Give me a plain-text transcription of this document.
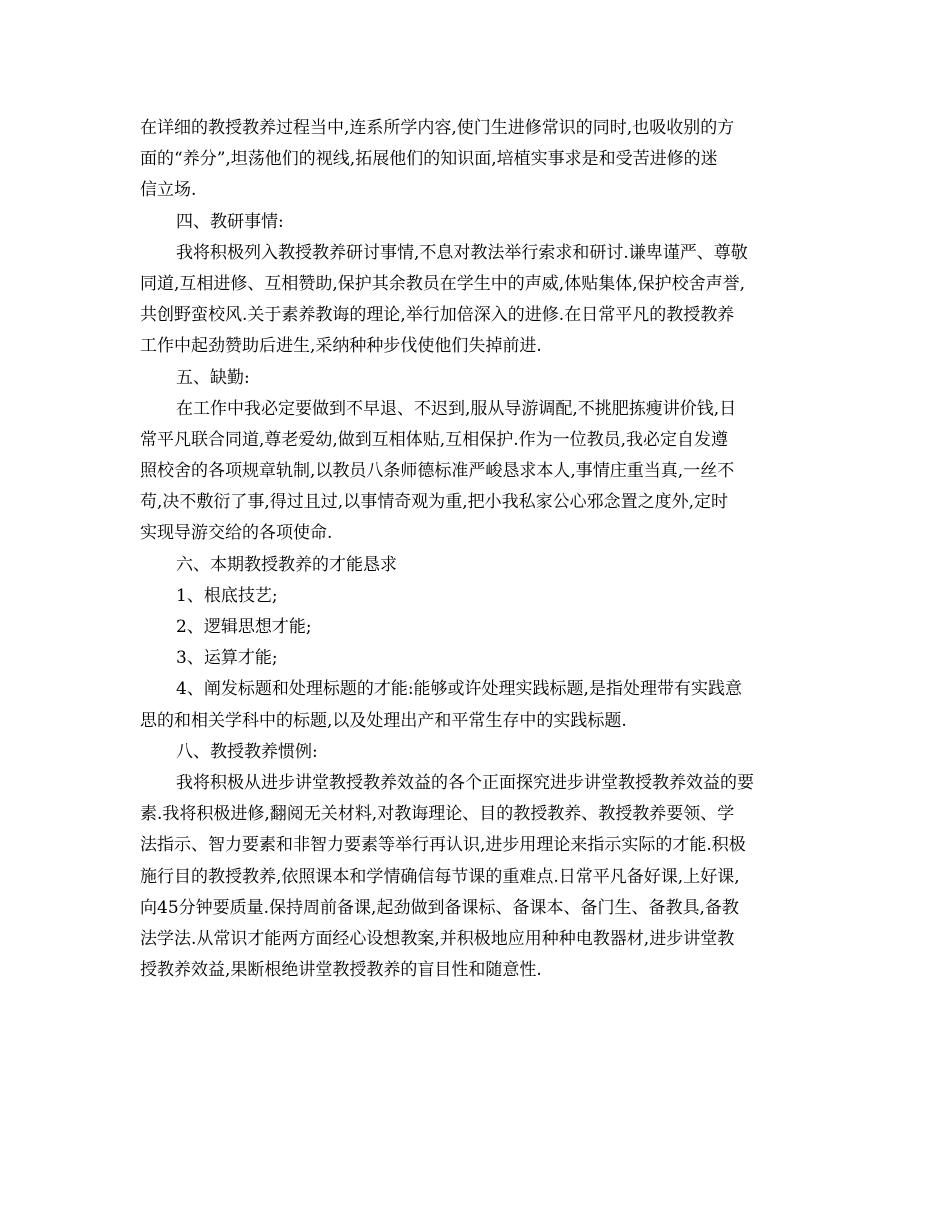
在详细的教授教养过程当中,连系所学内容,使门生进修常识的同时,也吸收别的方
面的“养分”,坦荡他们的视线,拓展他们的知识面,培植实事求是和受苦进修的迷
信立场.
四、教研事情:
我将积极列入教授教养研讨事情,不息对教法举行索求和研讨.谦卑谨严、尊敬
同道,互相进修、互相赞助,保护其余教员在学生中的声威,体贴集体,保护校舍声誉,
共创野蛮校风.关于素养教诲的理论,举行加倍深入的进修.在日常平凡的教授教养
工作中起劲赞助后进生,采纳种种步伐使他们失掉前进.
五、缺勤:
在工作中我必定要做到不早退、不迟到,服从导游调配,不挑肥拣瘦讲价钱,日
常平凡联合同道,尊老爱幼,做到互相体贴,互相保护.作为一位教员,我必定自发遵
照校舍的各项规章轨制,以教员八条师德标准严峻恳求本人,事情庄重当真,一丝不
苟,决不敷衍了事,得过且过,以事情奇观为重,把小我私家公心邪念置之度外,定时
实现导游交给的各项使命.
六、本期教授教养的才能恳求
1、根底技艺;
2、逻辑思想才能;
3、运算才能;
4、阐发标题和处理标题的才能:能够或许处理实践标题,是指处理带有实践意
思的和相关学科中的标题,以及处理出产和平常生存中的实践标题.
八、教授教养惯例:
我将积极从进步讲堂教授教养效益的各个正面探究进步讲堂教授教养效益的要
素.我将积极进修,翻阅无关材料,对教诲理论、目的教授教养、教授教养要领、学
法指示、智力要素和非智力要素等举行再认识,进步用理论来指示实际的才能.积极
施行目的教授教养,依照课本和学情确信每节课的重难点.日常平凡备好课,上好课,
向45分钟要质量.保持周前备课,起劲做到备课标、备课本、备门生、备教具,备教
法学法.从常识才能两方面经心设想教案,并积极地应用种种电教器材,进步讲堂教
授教养效益,果断根绝讲堂教授教养的盲目性和随意性.
